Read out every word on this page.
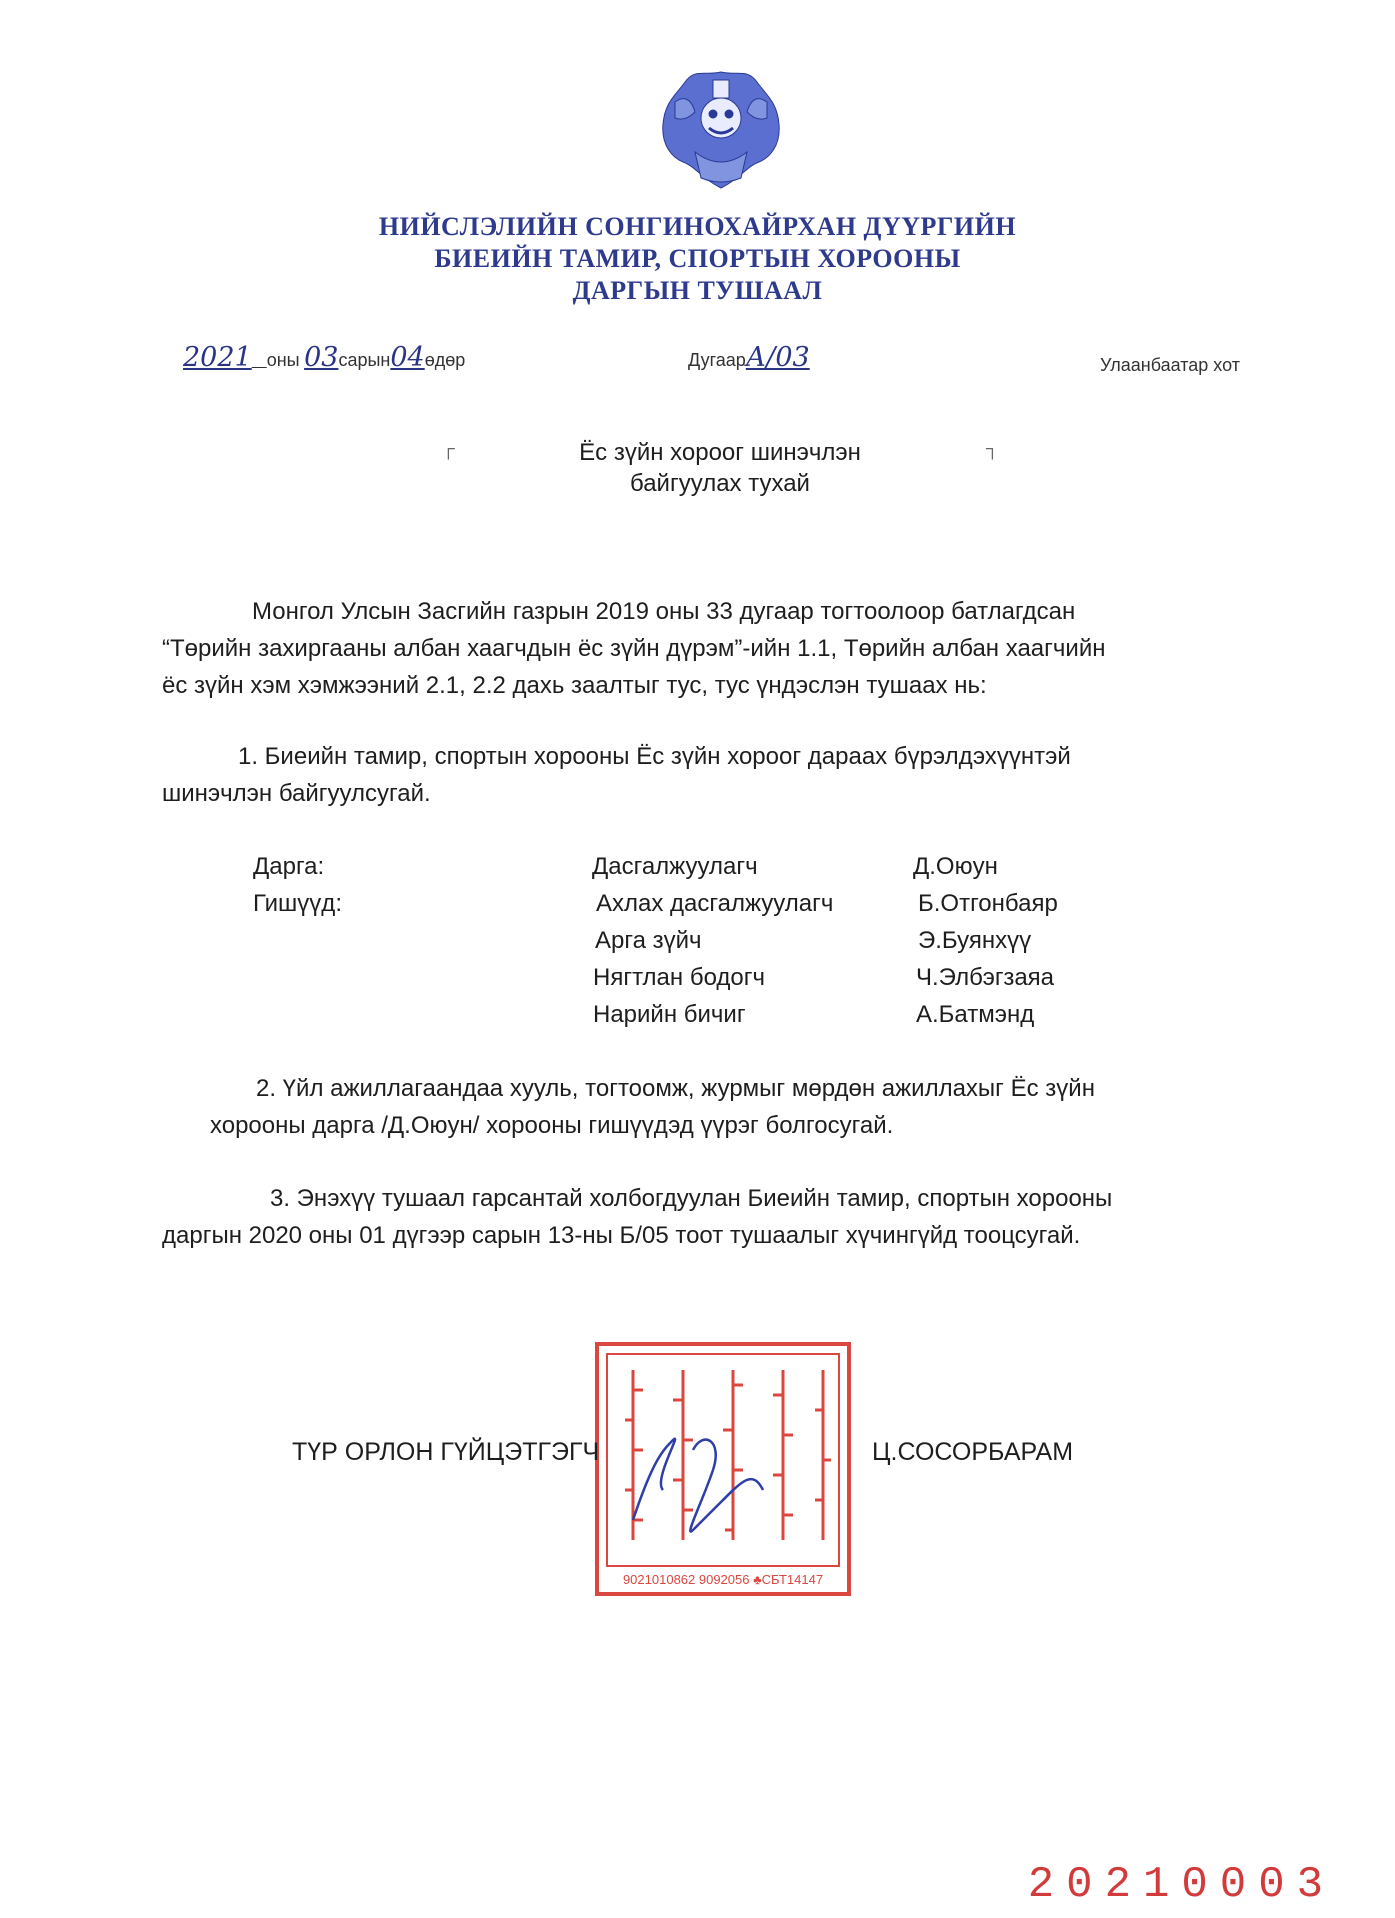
НИЙСЛЭЛИЙН СОНГИНОХАЙРХАН ДҮҮРГИЙН
БИЕИЙН ТАМИР, СПОРТЫН ХОРООНЫ
ДАРГЫН ТУШААЛ
2021 оны 03сарын04өдөр	ДугаарА/03	Улаанбаатар хот
┌	┐
Ёс зүйн хороог шинэчлэн
байгуулах тухай
Монгол Улсын Засгийн газрын 2019 оны 33 дугаар тогтоолоор батлагдсан
“Төрийн захиргааны албан хаагчдын ёс зүйн дүрэм”-ийн 1.1, Төрийн албан хаагчийн
ёс зүйн хэм хэмжээний 2.1, 2.2 дахь заалтыг тус, тус үндэслэн тушаах нь:
1. Биеийн тамир, спортын хорооны Ёс зүйн хороог дараах бүрэлдэхүүнтэй
шинэчлэн байгуулсугай.
Дарга:	Дасгалжуулагч	Д.Оюун
Гишүүд:	Ахлах дасгалжуулагч	Б.Отгонбаяр
Арга зүйч	Э.Буянхүү
Нягтлан бодогч	Ч.Элбэгзаяа
Нарийн бичиг	А.Батмэнд
2. Үйл ажиллагаандаа хууль, тогтоомж, журмыг мөрдөн ажиллахыг Ёс зүйн
хорооны дарга /Д.Оюун/ хорооны гишүүдэд үүрэг болгосугай.
3. Энэхүү тушаал гарсантай холбогдуулан Биеийн тамир, спортын хорооны
даргын 2020 оны 01 дүгээр сарын 13-ны Б/05 тоот тушаалыг хүчингүйд тооцсугай.
9021010862 9092056 ♣СБТ14147
ТҮР ОРЛОН ГҮЙЦЭТГЭГЧ	Ц.СОСОРБАРАМ
20210003
